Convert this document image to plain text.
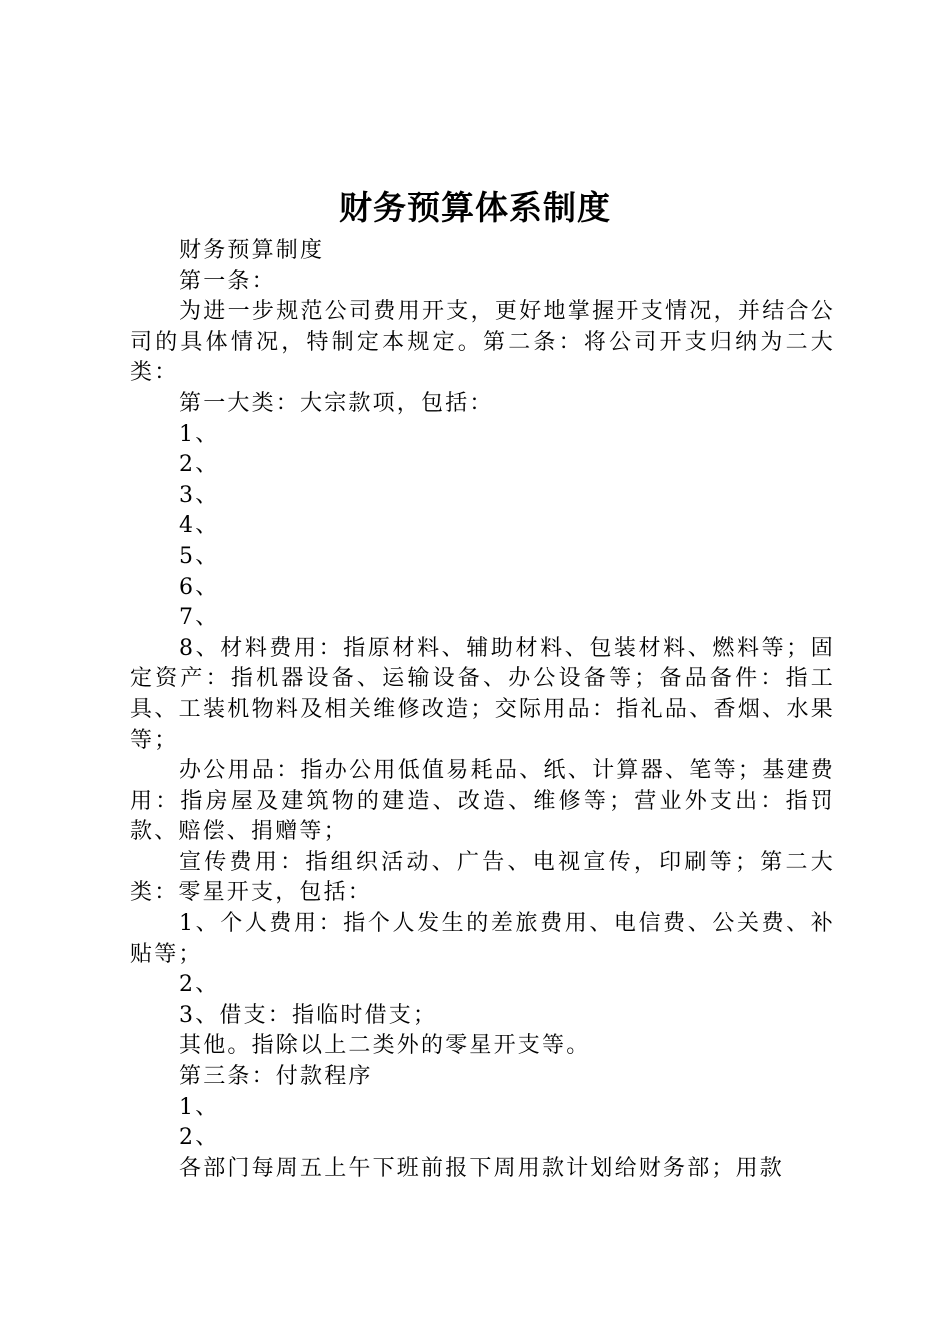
财务预算体系制度

财务预算制度

第一条：

为进一步规范公司费用开支，更好地掌握开支情况，并结合公司的具体情况，特制定本规定。第二条：将公司开支归纳为二大类：

第一大类：大宗款项，包括：

1、

2、

3、

4、

5、

6、

7、

8、材料费用：指原材料、辅助材料、包装材料、燃料等；固定资产：指机器设备、运输设备、办公设备等；备品备件：指工具、工装机物料及相关维修改造；交际用品：指礼品、香烟、水果等；

办公用品：指办公用低值易耗品、纸、计算器、笔等；基建费用：指房屋及建筑物的建造、改造、维修等；营业外支出：指罚款、赔偿、捐赠等；

宣传费用：指组织活动、广告、电视宣传，印刷等；第二大类：零星开支，包括：

1、个人费用：指个人发生的差旅费用、电信费、公关费、补贴等；

2、

3、借支：指临时借支；

其他。指除以上二类外的零星开支等。

第三条：付款程序

1、

2、

各部门每周五上午下班前报下周用款计划给财务部；用款
